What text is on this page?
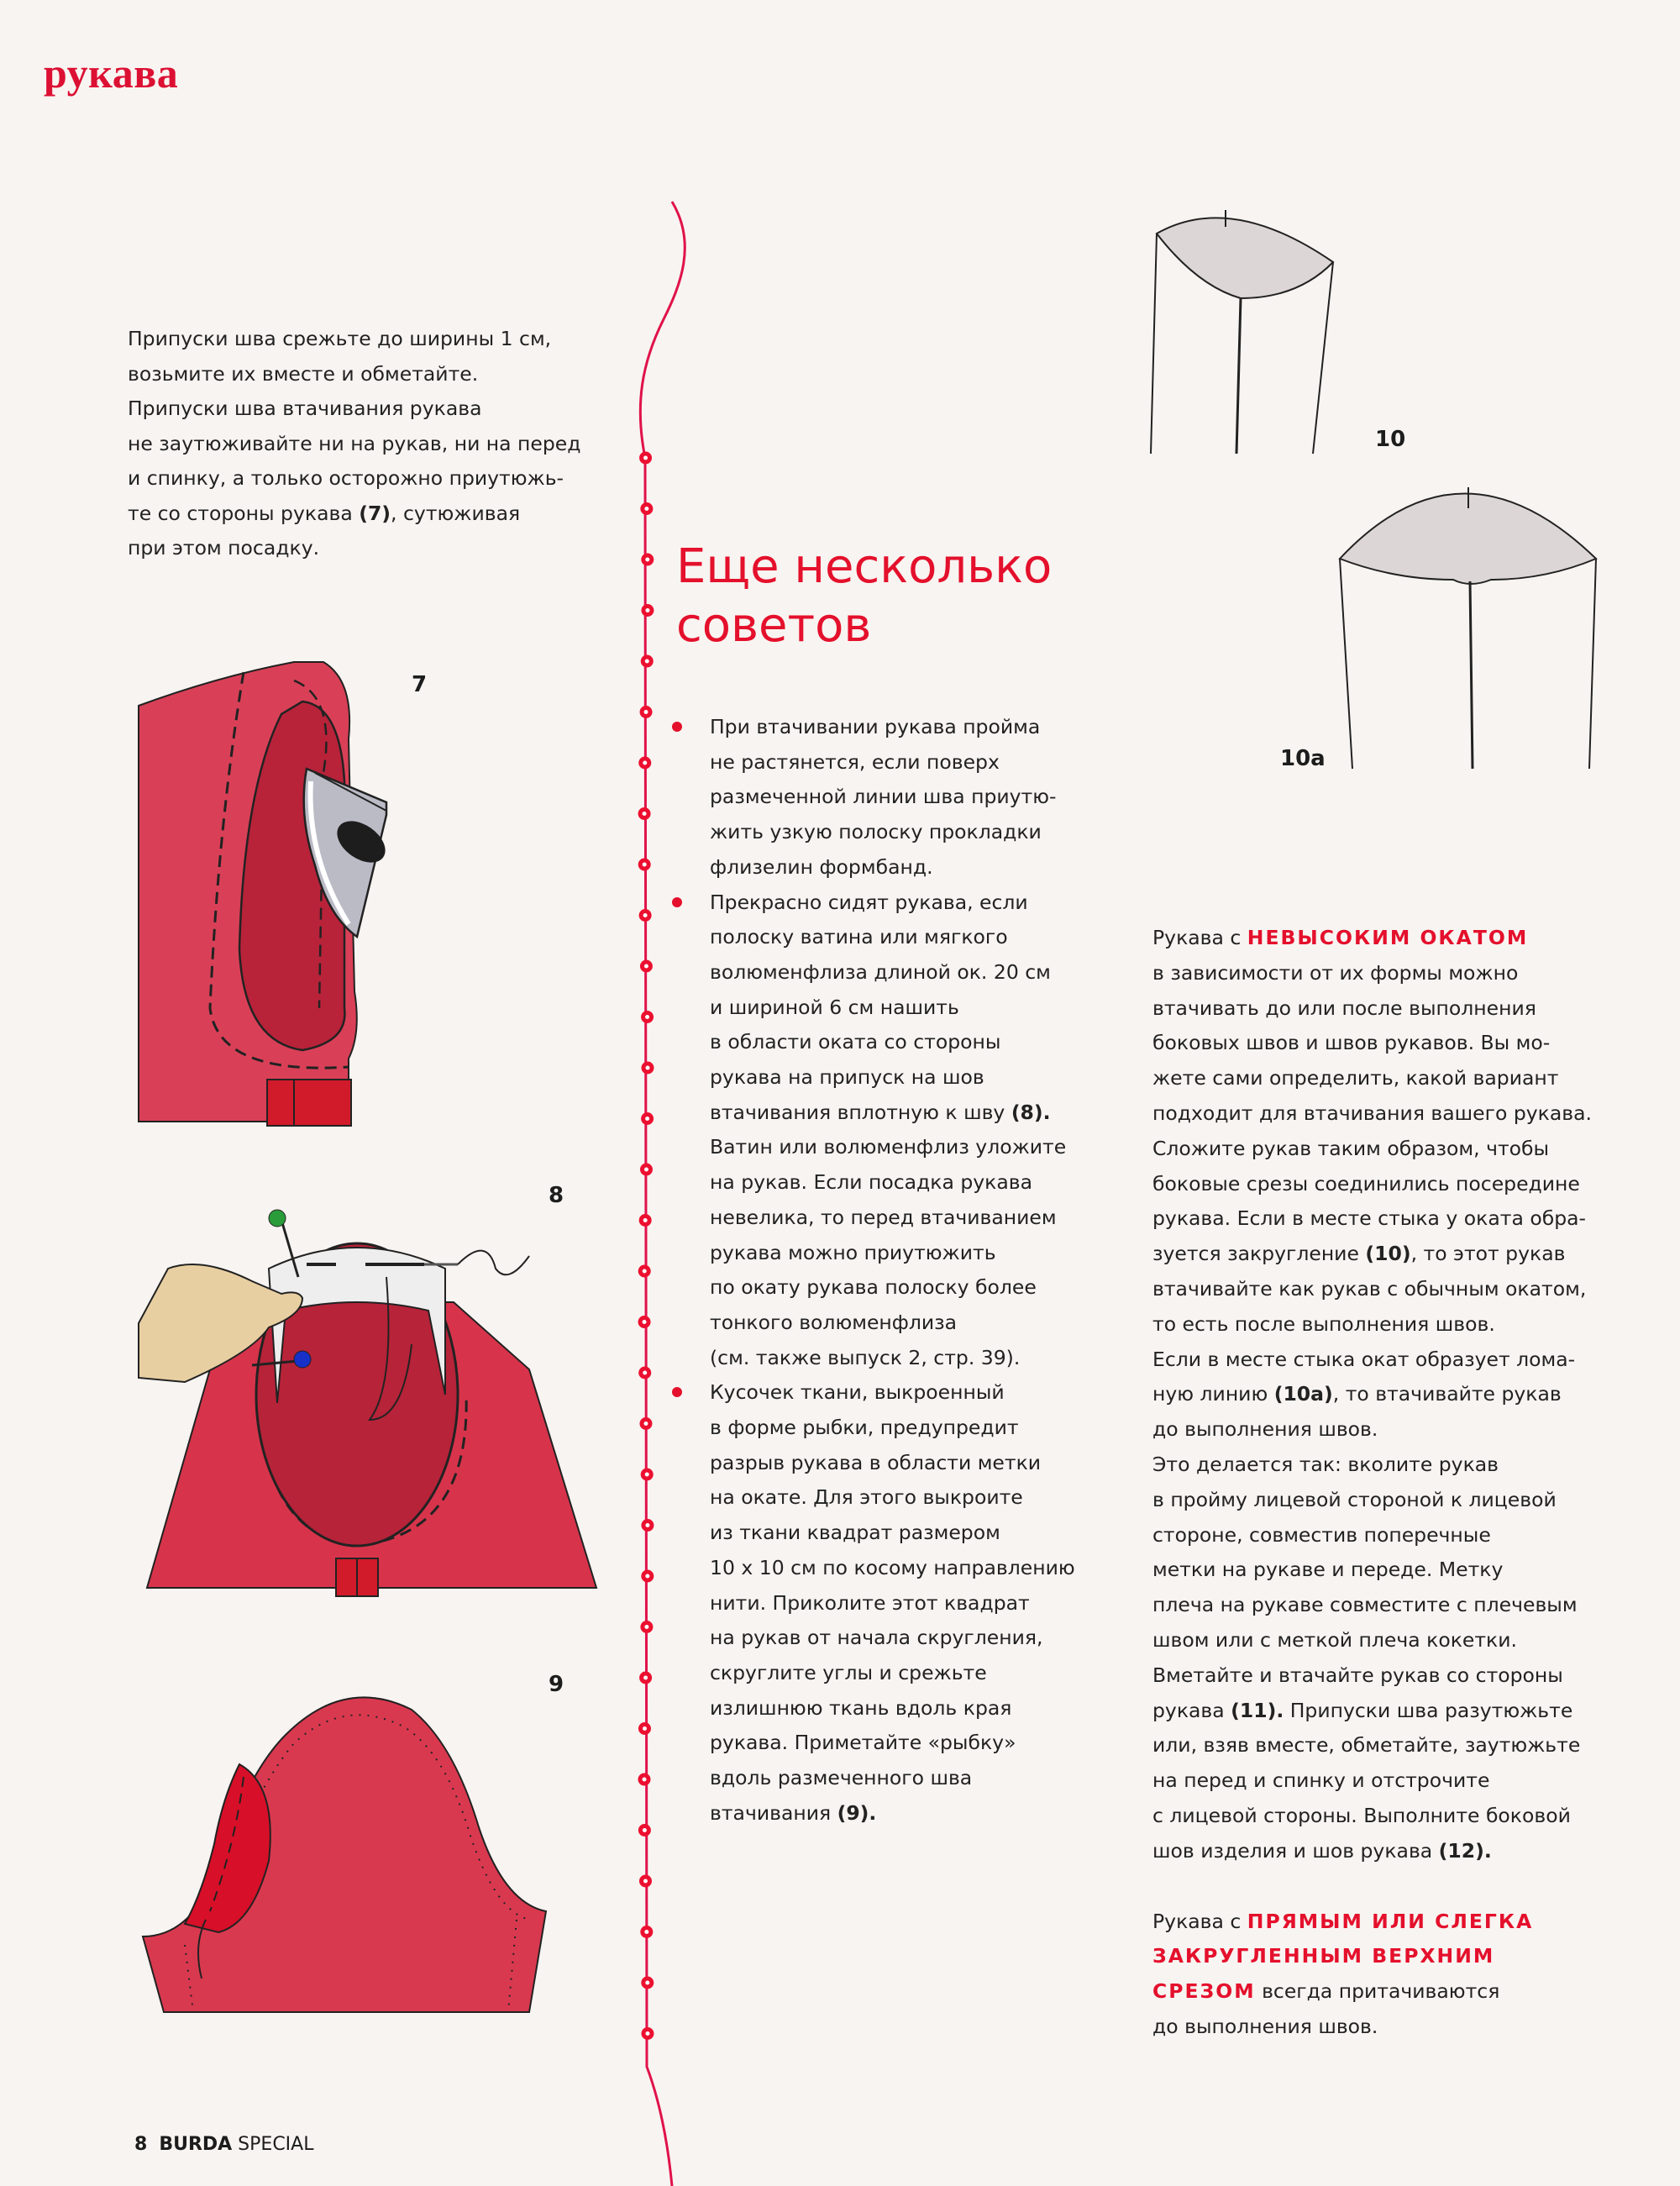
рукава
Припуски шва срежьте до ширины 1 см,
возьмите их вместе и обметайте.
Припуски шва втачивания рукава
не заутюживайте ни на рукав, ни на перед
и спинку, а только осторожно приутюжь-
те со стороны рукава (7), сутюживая
при этом посадку.	Еще несколько
советов
При втачивании рукава пройма
не растянется, если поверх
размеченной линии шва приутю-
жить узкую полоску прокладки
флизелин формбанд.
Прекрасно сидят рукава, если
полоску ватина или мягкого
волюменфлиза длиной ок. 20 см
и шириной 6 см нашить
в области оката со стороны
рукава на припуск на шов
втачивания вплотную к шву (8).
Ватин или волюменфлиз уложите
на рукав. Если посадка рукава
невелика, то перед втачиванием
рукава можно приутюжить
по окату рукава полоску более
тонкого волюменфлиза
(см. также выпуск 2, стр. 39).
Кусочек ткани, выкроенный
в форме рыбки, предупредит
разрыв рукава в области метки
на окате. Для этого выкроите
из ткани квадрат размером
10 x 10 см по косому направлению
нити. Приколите этот квадрат
на рукав от начала скругления,
скруглите углы и срежьте
излишнюю ткань вдоль края
рукава. Приметайте «рыбку»
вдоль размеченного шва
втачивания (9).

Рукава с НЕВЫСОКИМ ОКАТОМ
в зависимости от их формы можно
втачивать до или после выполнения
боковых швов и швов рукавов. Вы мо-
жете сами определить, какой вариант
подходит для втачивания вашего рукава.
Сложите рукав таким образом, чтобы
боковые срезы соединились посередине
рукава. Если в месте стыка у оката обра-
зуется закругление (10), то этот рукав
втачивайте как рукав с обычным окатом,
то есть после выполнения швов.
Если в месте стыка окат образует лома-
ную линию (10a), то втачивайте рукав
до выполнения швов.
Это делается так: вколите рукав
в пройму лицевой стороной к лицевой
стороне, совместив поперечные
метки на рукаве и переде. Метку
плеча на рукаве совместите с плечевым
швом или с меткой плеча кокетки.
Вметайте и втачайте рукав со стороны
рукава (11). Припуски шва разутюжьте
или, взяв вместе, обметайте, заутюжьте
на перед и спинку и отстрочите
с лицевой стороны. Выполните боковой
шов изделия и шов рукава (12).

Рукава с ПРЯМЫМ ИЛИ СЛЕГКА
ЗАКРУГЛЕННЫМ ВЕРХНИМ
СРЕЗОМ всегда притачиваются
до выполнения швов.

7
8
9
10
10a
8 BURDA SPECIAL
